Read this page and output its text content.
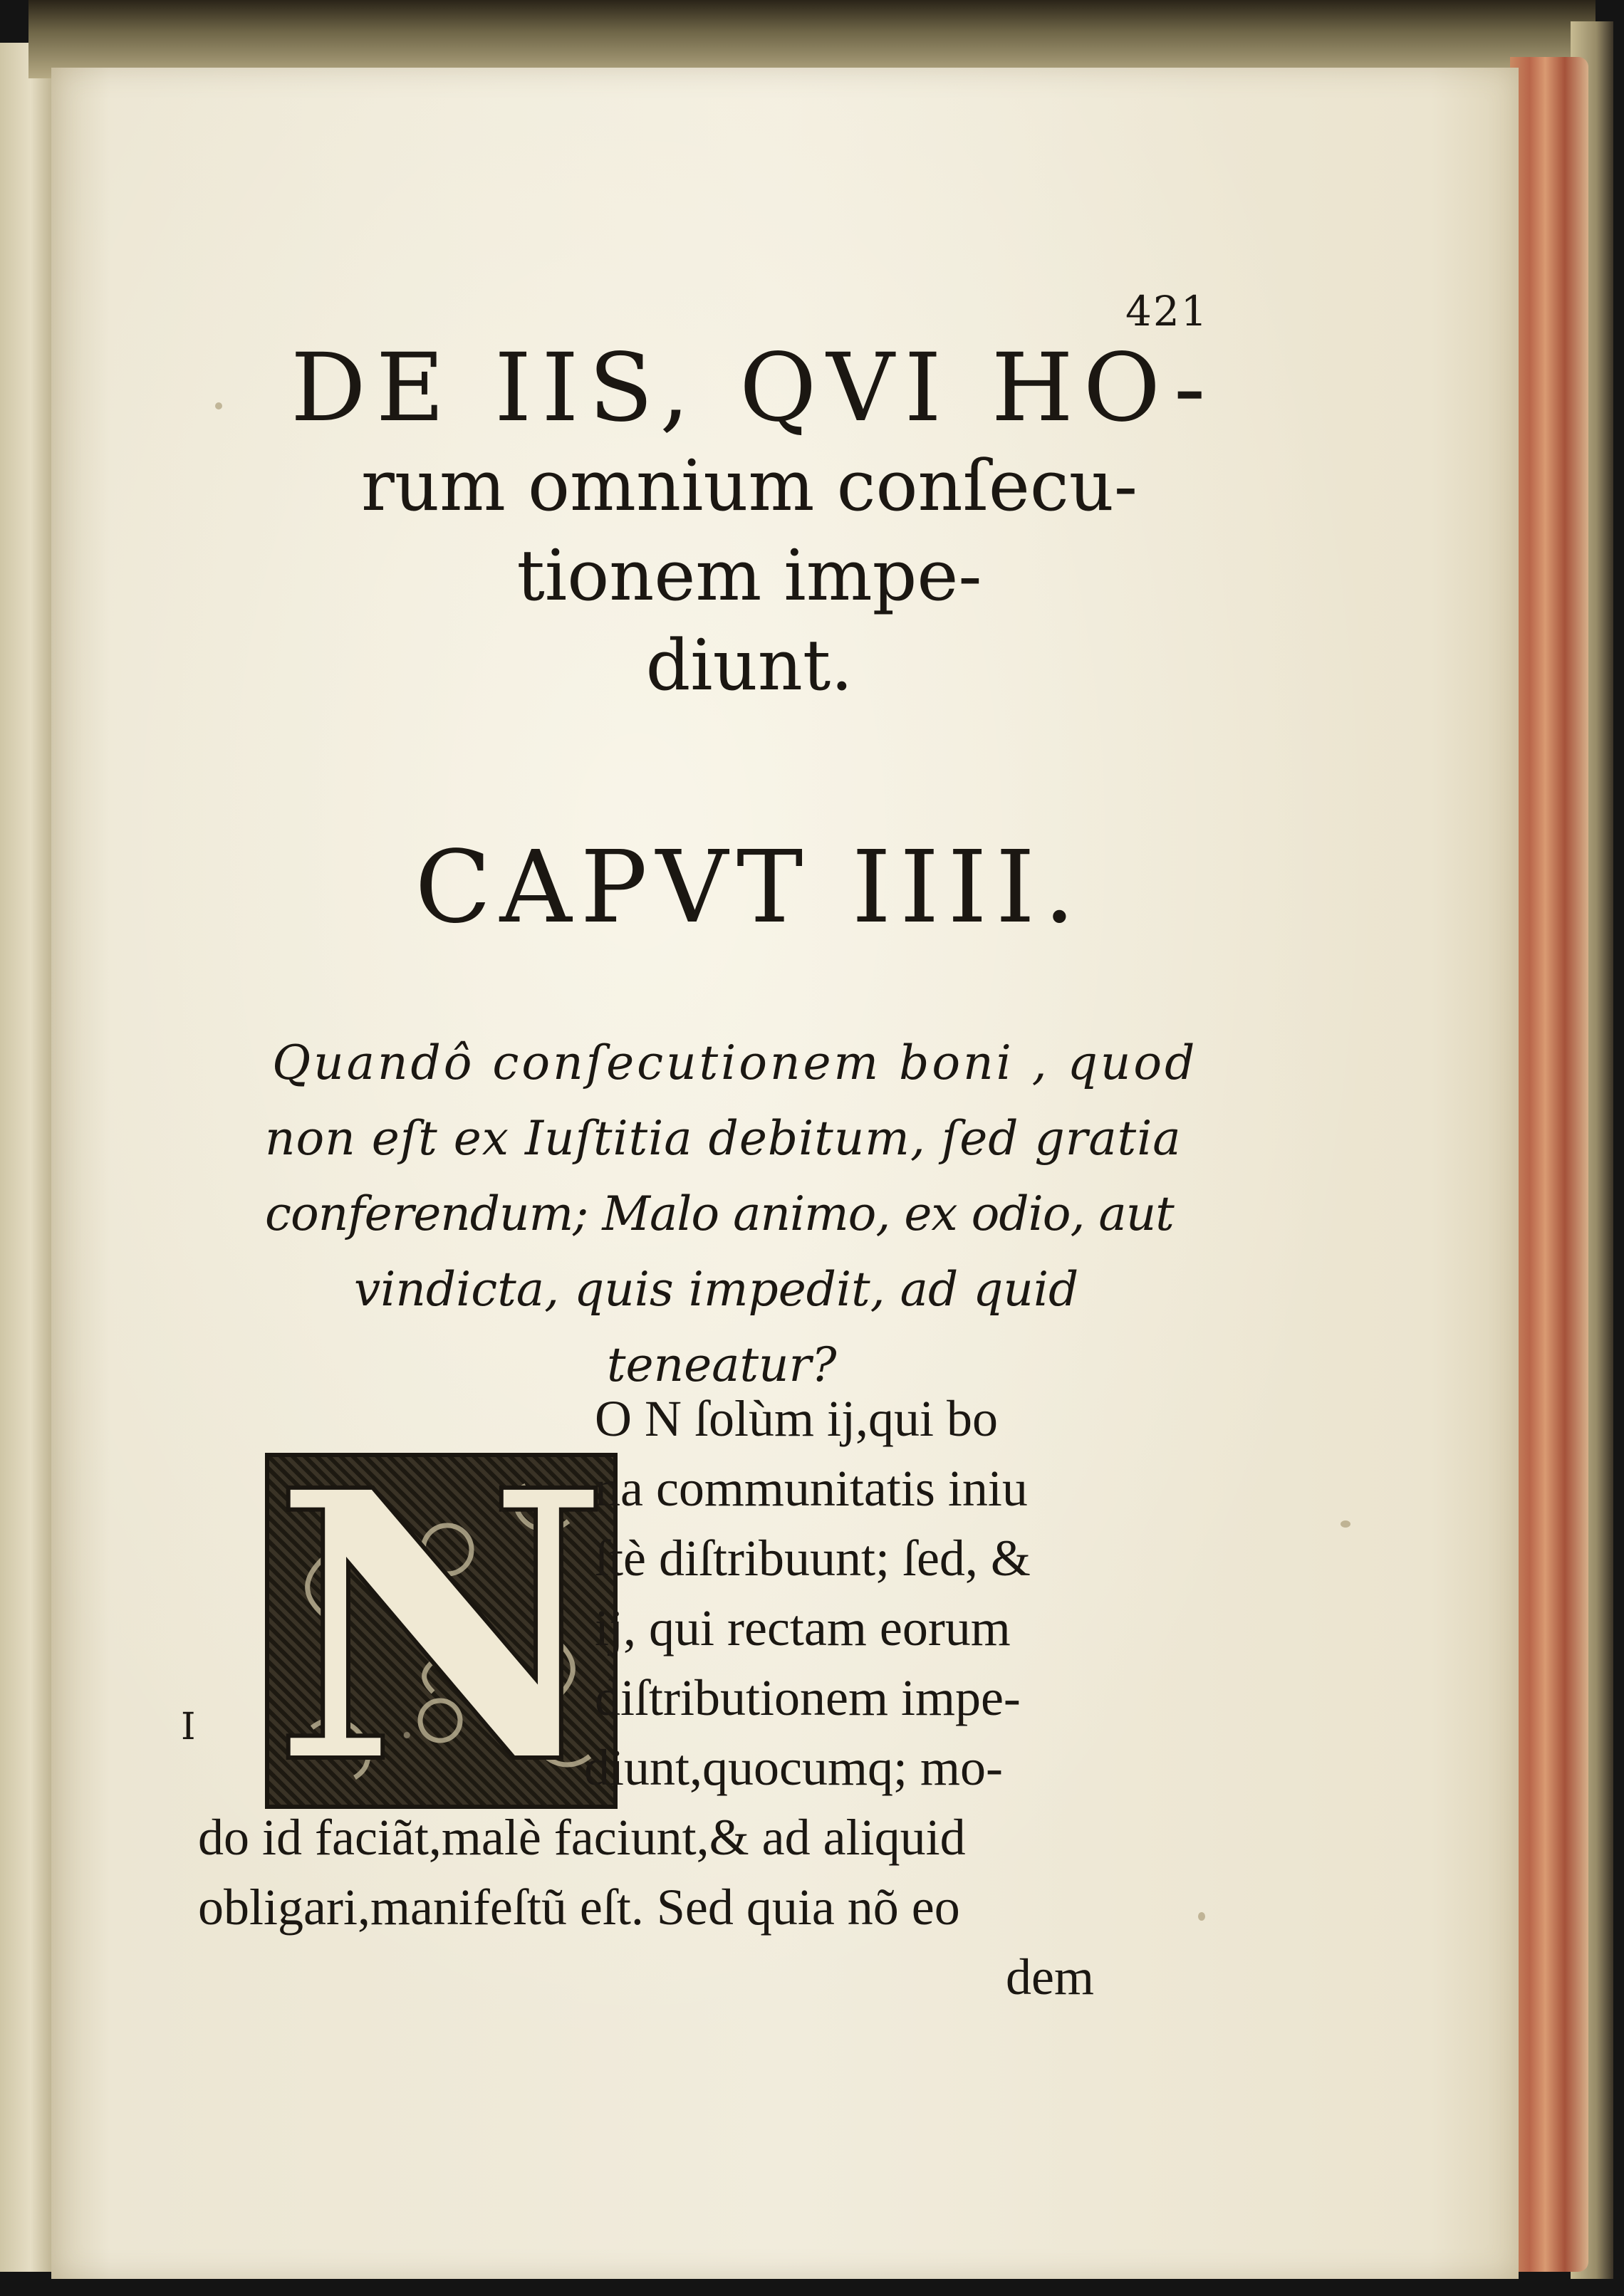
421
DE IIS, QVI HO-
rum omnium conſecu-
tionem impe-
diunt.
CAPVT IIII.
Quandô conſecutionem boni , quod
non eſt ex Iuſtitia debitum, ſed gratia
conferendum; Malo animo, ex odio, aut
vindicta, quis impedit, ad quid
teneatur?
N
O N ſolùm ij,qui bo
na communitatis iniu
ſtè diſtribuunt; ſed, &
ij, qui rectam eorum
diſtributionem impe-
diunt,quocumq; mo-
do id faciãt,malè faciunt,& ad aliquid
obligari,manifeſtũ eſt. Sed quia nõ eo
dem
I
